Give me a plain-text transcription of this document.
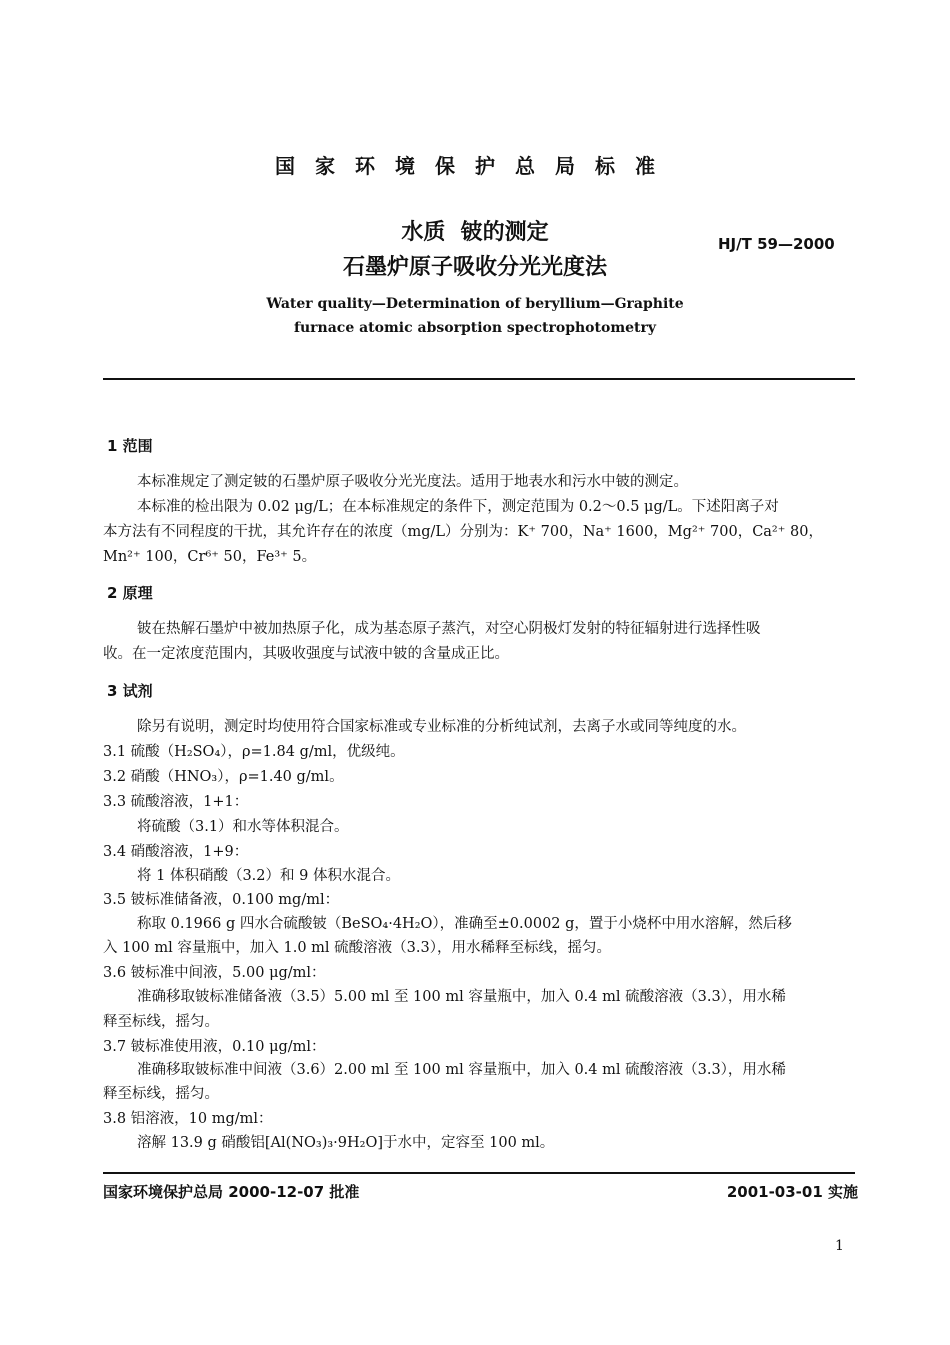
国家环境保护总局标准
水质  铍的测定
石墨炉原子吸收分光光度法
HJ/T 59—2000
Water quality—Determination of beryllium—Graphite
furnace atomic absorption spectrophotometry
1 范围
本标准规定了测定铍的石墨炉原子吸收分光光度法。适用于地表水和污水中铍的测定。
本标准的检出限为 0.02 μg/L；在本标准规定的条件下，测定范围为 0.2～0.5 μg/L。下述阳离子对
本方法有不同程度的干扰，其允许存在的浓度（mg/L）分别为：K⁺ 700，Na⁺ 1600，Mg²⁺ 700，Ca²⁺ 80，
Mn²⁺ 100，Cr⁶⁺ 50，Fe³⁺ 5。
2 原理
铍在热解石墨炉中被加热原子化，成为基态原子蒸汽，对空心阴极灯发射的特征辐射进行选择性吸
收。在一定浓度范围内，其吸收强度与试液中铍的含量成正比。
3 试剂
除另有说明，测定时均使用符合国家标准或专业标准的分析纯试剂，去离子水或同等纯度的水。
3.1 硫酸（H₂SO₄），ρ=1.84 g/ml，优级纯。
3.2 硝酸（HNO₃），ρ=1.40 g/ml。
3.3 硫酸溶液，1+1：
将硫酸（3.1）和水等体积混合。
3.4 硝酸溶液，1+9：
将 1 体积硝酸（3.2）和 9 体积水混合。
3.5 铍标准储备液，0.100 mg/ml：
称取 0.1966 g 四水合硫酸铍（BeSO₄·4H₂O），准确至±0.0002 g，置于小烧杯中用水溶解，然后移
入 100 ml 容量瓶中，加入 1.0 ml 硫酸溶液（3.3），用水稀释至标线，摇匀。
3.6 铍标准中间液，5.00 μg/ml：
准确移取铍标准储备液（3.5）5.00 ml 至 100 ml 容量瓶中，加入 0.4 ml 硫酸溶液（3.3），用水稀
释至标线，摇匀。
3.7 铍标准使用液，0.10 μg/ml：
准确移取铍标准中间液（3.6）2.00 ml 至 100 ml 容量瓶中，加入 0.4 ml 硫酸溶液（3.3），用水稀
释至标线，摇匀。
3.8 铝溶液，10 mg/ml：
溶解 13.9 g 硝酸铝[Al(NO₃)₃·9H₂O]于水中，定容至 100 ml。
国家环境保护总局 2000-12-07 批准	2001-03-01 实施
1
